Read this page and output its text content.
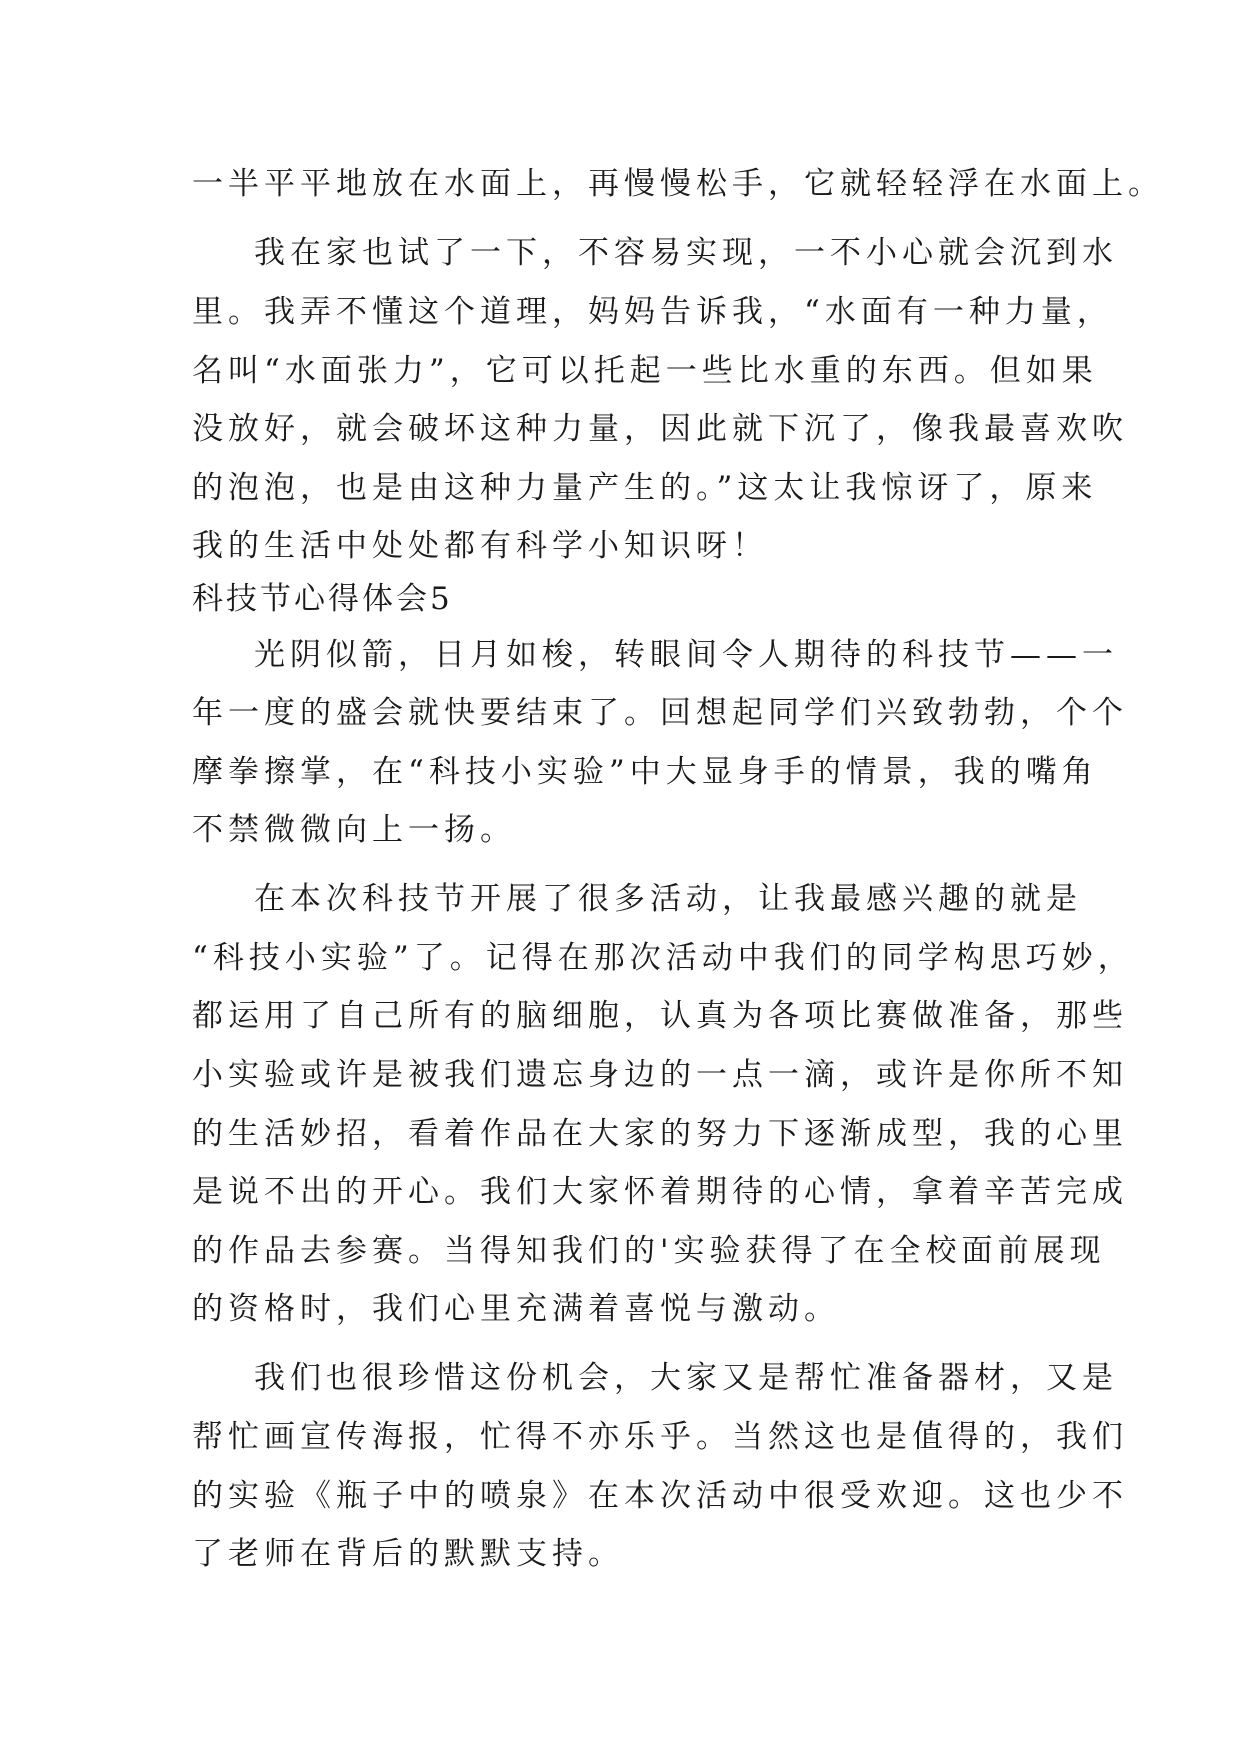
一半平平地放在水面上，再慢慢松手，它就轻轻浮在水面上。
我在家也试了一下，不容易实现，一不小心就会沉到水
里。我弄不懂这个道理，妈妈告诉我，“水面有一种力量，
名叫“水面张力”，它可以托起一些比水重的东西。但如果
没放好，就会破坏这种力量，因此就下沉了，像我最喜欢吹
的泡泡，也是由这种力量产生的。”这太让我惊讶了，原来
我的生活中处处都有科学小知识呀！
科技节心得体会5
光阴似箭，日月如梭，转眼间令人期待的科技节——一
年一度的盛会就快要结束了。回想起同学们兴致勃勃，个个
摩拳擦掌，在“科技小实验”中大显身手的情景，我的嘴角
不禁微微向上一扬。
在本次科技节开展了很多活动，让我最感兴趣的就是
“科技小实验”了。记得在那次活动中我们的同学构思巧妙，
都运用了自己所有的脑细胞，认真为各项比赛做准备，那些
小实验或许是被我们遗忘身边的一点一滴，或许是你所不知
的生活妙招，看着作品在大家的努力下逐渐成型，我的心里
是说不出的开心。我们大家怀着期待的心情，拿着辛苦完成
的作品去参赛。当得知我们的'实验获得了在全校面前展现
的资格时，我们心里充满着喜悦与激动。
我们也很珍惜这份机会，大家又是帮忙准备器材，又是
帮忙画宣传海报，忙得不亦乐乎。当然这也是值得的，我们
的实验《瓶子中的喷泉》在本次活动中很受欢迎。这也少不
了老师在背后的默默支持。
